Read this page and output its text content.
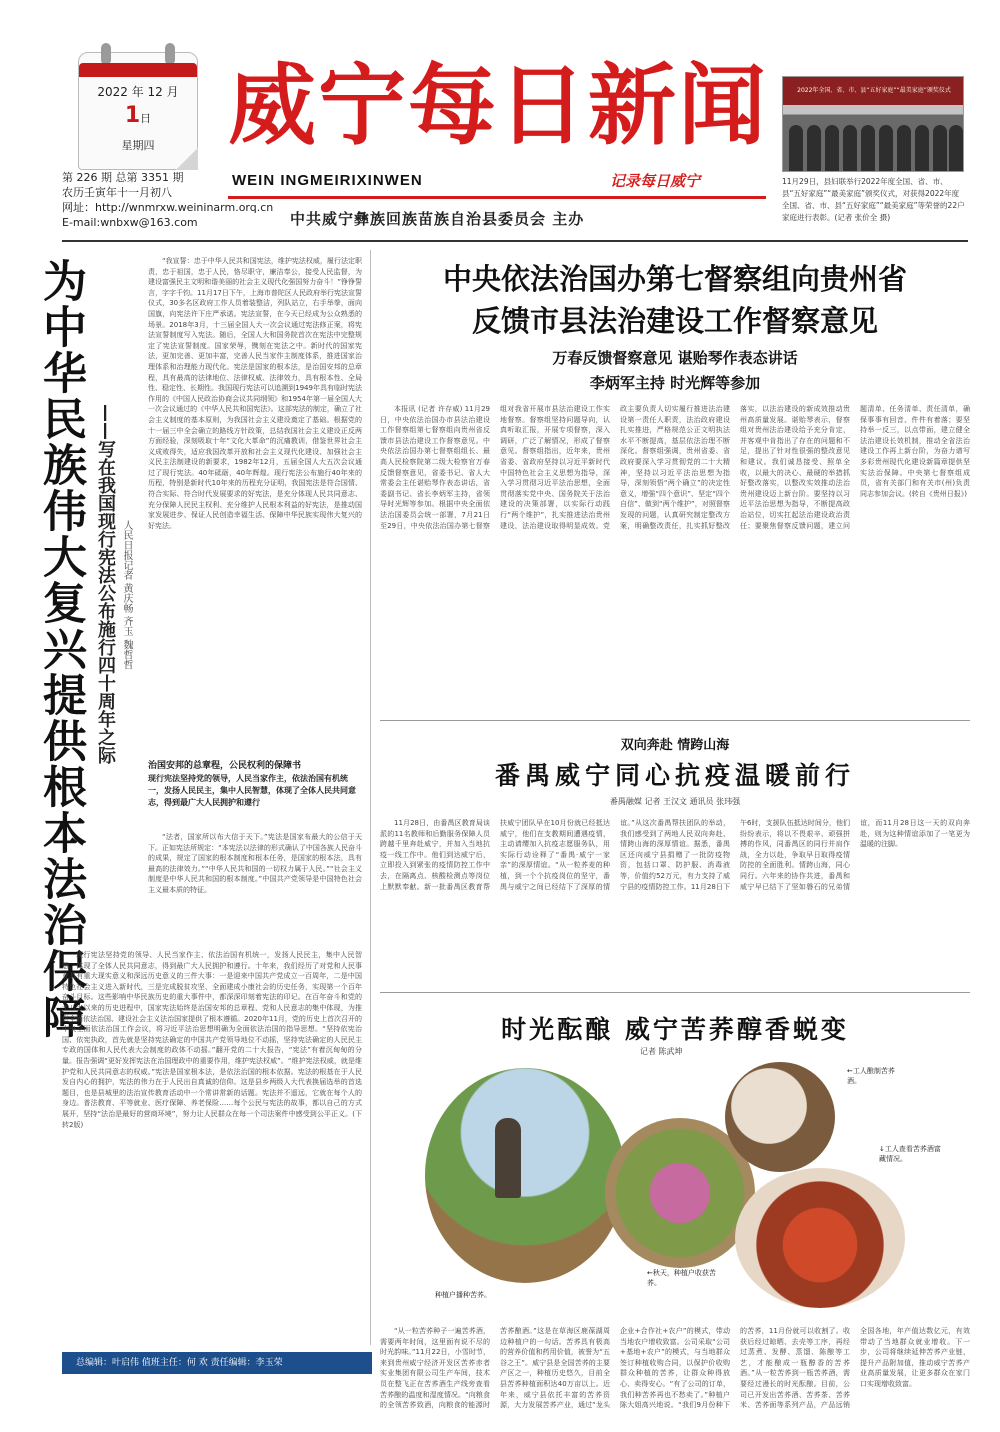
2022 年 12 月
1日
星期四
第 226 期 总第 3351 期
农历壬寅年十一月初八
网址：http://wnmrxw.weininarm.orq.cn
E-mail:wnbxw@163.com
威宁每日新闻
WEIN INGMEIRIXINWEN	记录每日威宁
中共威宁彝族回族苗族自治县委员会 主办
2022年全国、省、市、县“五好家庭”“最美家庭”颁奖仪式
11月29日，县妇联举行2022年度全国、省、市、县“五好家庭”“最美家庭”颁奖仪式，对获得2022年度全国、省、市、县“五好家庭”“最美家庭”等荣誉的22户家庭进行表彰。(记者 张价全 摄)
为中华民族伟大复兴提供根本法治保障 ——写在我国现行宪法公布施行四十周年之际 人民日报记者 黄庆畅 齐玉 魏哲哲

“我宣誓：忠于中华人民共和国宪法，维护宪法权威，履行法定职责，忠于祖国，忠于人民，恪尽职守，廉洁奉公，接受人民监督，为建设富强民主文明和谐美丽的社会主义现代化强国努力奋斗！”铮铮誓言，字字千钧。11月17日下午，上海市普陀区人民政府举行宪法宣誓仪式，30多名区政府工作人员着装整洁，列队站立，右手举拳，面向国旗，向宪法许下庄严承诺。宪法宣誓，在今天已经成为公众熟悉的场景。2018年3月，十三届全国人大一次会议通过宪法修正案，将宪法宣誓制度写入宪法。随后，全国人大和国务院首次在宪法中完整规定了宪法宣誓制度。国家荣辱，镌刻在宪法之中。新时代的国家宪法，更加完善、更加丰富，完善人民当家作主制度体系，推进国家治理体系和治理能力现代化。宪法是国家的根本法，是治国安邦的总章程，具有最高的法律地位、法律权威、法律效力，具有根本性、全局性、稳定性、长期性。我国现行宪法可以追溯到1949年具有临时宪法作用的《中国人民政治协商会议共同纲领》和1954年第一届全国人大一次会议通过的《中华人民共和国宪法》。这部宪法的制定，确立了社会主义制度的基本原则，为我国社会主义建设奠定了基础。根据党的十一届三中全会确立的路线方针政策，总结我国社会主义建设正反两方面经验，深刻吸取十年“文化大革命”的沉痛教训，借鉴世界社会主义成败得失，适应我国改革开放和社会主义现代化建设、加强社会主义民主法制建设的新要求，1982年12月，五届全国人大五次会议通过了现行宪法。40年砥砺，40年辉煌。现行宪法公布施行40年来的历程，特别是新时代10年来的历程充分证明，我国宪法是符合国情、符合实际、符合时代发展要求的好宪法，是充分体现人民共同意志、充分保障人民民主权利、充分维护人民根本利益的好宪法，是推动国家发展进步、保证人民创造幸福生活、保障中华民族实现伟大复兴的好宪法。

治国安邦的总章程，公民权利的保障书
现行宪法坚持党的领导，人民当家作主，依法治国有机统一，发扬人民民主，集中人民智慧，体现了全体人民共同意志，得到最广大人民拥护和遵行

“法者，国家所以布大信于天下。”宪法是国家布最大的公信于天下。正如宪法所规定：“本宪法以法律的形式确认了中国各族人民奋斗的成果，规定了国家的根本制度和根本任务，是国家的根本法，具有最高的法律效力。”“中华人民共和国的一切权力属于人民。”“社会主义制度是中华人民共和国的根本制度。”中国共产党领导是中国特色社会主义最本质的特征。

现行宪法坚持党的领导、人民当家作主、依法治国有机统一，发扬人民民主，集中人民智慧，体现了全体人民共同意志，得到最广大人民拥护和遵行。十年来，我们经历了对党和人民事业具有重大现实意义和深远历史意义的三件大事：一是迎来中国共产党成立一百周年，二是中国特色社会主义进入新时代，三是完成脱贫攻坚、全面建成小康社会的历史任务，实现第一个百年奋斗目标。这些影响中华民族历史的重大事件中，都深深印刻着宪法的印记。在百年奋斗和党的十八大以来的历史进程中，国家宪法始终是治国安邦的总章程、党和人民意志的集中体现，为推进全面依法治国、建设社会主义法治国家提供了根本遵循。2020年11月，党的历史上首次召开的中央全面依法治国工作会议，将习近平法治思想明确为全面依法治国的指导思想。“坚持依宪治国、依宪执政，首先就是坚持宪法确定的中国共产党领导地位不动摇，坚持宪法确定的人民民主专政的国体和人民代表大会制度的政体不动摇。”翻开党的二十大报告，“宪法”有着沉甸甸的分量。报告强调“更好发挥宪法在治国理政中的重要作用，维护宪法权威”。“维护宪法权威，就是维护党和人民共同意志的权威。”宪法是国家根本法，是依法治国的根本依据。宪法的根基在于人民发自内心的拥护，宪法的伟力在于人民出自真诚的信仰。这是县乡两级人大代表换届选举的首选题目，也是县城里的法治宣传教育活动中一个常讲常新的话题。宪法并不遥远，它就在每个人的身边。普法教育、平等就业、医疗保障、养老保险……每个公民与宪法的故事，都以自己的方式展开，坚持“法治是最好的营商环境”，努力让人民群众在每一个司法案件中感受到公平正义。(下转2版)

总编辑：叶启伟 值班主任：何 欢 责任编辑：李玉荣
中央依法治国办第七督察组向贵州省
反馈市县法治建设工作督察意见
万春反馈督察意见 谌贻琴作表态讲话
李炳军主持 时光辉等参加

本报讯 (记者 许存威) 11月29日，中央依法治国办市县法治建设工作督察组第七督察组向贵州省反馈市县法治建设工作督察意见。中央依法治国办第七督察组组长、最高人民检察院第二级大检察官万春反馈督察意见，省委书记、省人大常委会主任谌贻琴作表态讲话，省委副书记、省长李炳军主持，省领导时光辉等参加。根据中央全面依法治国委员会统一部署，7月21日至29日，中央依法治国办第七督察组对我省开展市县法治建设工作实地督察。督察组坚持问题导向，认真听取汇报，开展专项督察，深入调研，广泛了解情况，形成了督察意见。督察组指出，近年来，贵州省委、省政府坚持以习近平新时代中国特色社会主义思想为指导，深入学习贯彻习近平法治思想，全面贯彻落实党中央、国务院关于法治建设的决策部署，以实际行动践行“两个维护”，扎实推进法治贵州建设，法治建设取得明显成效。党政主要负责人切实履行推进法治建设第一责任人职责，法治政府建设扎实推进，严格规范公正文明执法水平不断提高，基层依法治理不断深化。督察组强调，贵州省委、省政府要深入学习贯彻党的二十大精神，坚持以习近平法治思想为指导，深刻领悟“两个确立”的决定性意义，增强“四个意识”、坚定“四个自信”、做到“两个维护”，对照督察发现的问题，认真研究制定整改方案，明确整改责任，扎实抓好整改落实，以法治建设的新成效推动贵州高质量发展。谌贻琴表示，督察组对贵州法治建设给予充分肯定，并客观中肯指出了存在的问题和不足，提出了针对性很强的整改意见和建议。我们诚恳接受、照单全收，以最大的决心、最硬的举措抓好整改落实，以整改实效推动法治贵州建设迈上新台阶。要坚持以习近平法治思想为指导，不断提高政治站位，切实扛起法治建设政治责任；要聚焦督察反馈问题，建立问题清单、任务清单、责任清单，确保事事有回音、件件有着落；要坚持举一反三，以点带面，建立健全法治建设长效机制，推动全省法治建设工作再上新台阶，为奋力谱写多彩贵州现代化建设新篇章提供坚实法治保障。中央第七督察组成员，省有关部门和有关市(州)负责同志参加会议。(转自《贵州日报》)

双向奔赴 情跨山海
番禺威宁同心抗疫温暖前行
番禺融媒 记者 王汉文 通讯员 张玮强

11月28日，由番禺区教育局谈派的11名教师和后勤服务保障人员跨越千里奔赴威宁，并加入当地抗疫一线工作中。他们到达威宁后，立即投入到紧张的疫情防控工作中去，在隔离点、核酸检测点等岗位上默默奉献。新一批番禺区教育帮扶威宁团队早在10月份就已经抵达威宁，他们在支教期间遭遇疫情，主动请缨加入抗疫志愿服务队，用实际行动诠释了“番禺·威宁一家亲”的深厚情谊。“从一粒荞麦的种植，到一个个抗疫岗位的坚守，番禺与威宁之间已经结下了深厚的情谊。”从这次番禺帮扶团队的举动，我们感受到了两地人民双向奔赴、情跨山海的深厚情谊。据悉，番禺区还向威宁县捐赠了一批防疫物资，包括口罩、防护服、消毒液等，价值约52万元，有力支持了威宁县的疫情防控工作。11月28日下午6时，支援队伍抵达时间分，他们纷纷表示，将以不畏艰辛、顽强拼搏的作风，同番禺区的同行并肩作战，全力以赴，争取早日取得疫情防控的全面胜利。情跨山海，同心同行。六年来的协作共进，番禺和威宁早已结下了坚如磐石的兄弟情谊，而11月28日这一天的双向奔赴，则为这种情谊添加了一笔更为温暖的注脚。

时光酝酿 威宁苦荞醇香蜕变
记者 陈武坤
种植户播种苦荞。
←秋天，种植户收获苦荞。
←工人酿制苦荞酒。
↓工人查看苦荞酒富藏情况。

“从一粒苦荞种子一遍苦荞酒，需要两年时间，这里面有说不尽的时光韵味。”11月22日，小雪时节，来到贵州威宁经济开发区苦荞赤者实业集团有限公司生产车间，技术员在整飞正在苦荞酒生产线旁查看苦荞酿的温度和湿度情况。“向粮食的全领苦荞致酒，向粮食的能源时苦荞酿酒。”这是在草海区鹿葆湖周边种植户的一句话。苦荞具有极高的营养价值和药用价值，被誉为“五谷之王”。威宁县是全国苦荞的主要产区之一，种植历史悠久，目前全县苦荞种植面积达40万亩以上。近年来，威宁县依托丰富的苦荞资源，大力发展苦荞产业，通过“龙头企业+合作社+农户”的模式，带动当地农户增收致富。公司采取“公司+基地+农户”的模式，与当地群众签订种植收购合同，以保护价收购群众种植的苦荞，让群众种得放心、卖得安心。“有了公司的订单，我们种苦荞再也不愁卖了。”种植户陈大姐高兴地说。“我们9月份种下的苦荞，11月份就可以收割了。收获后经过晾晒、去壳等工序，再经过蒸煮、发酵、蒸馏、陈酿等工艺，才能酿成一瓶醇香的苦荞酒。”从一粒苦荞到一瓶苦荞酒，需要经过漫长的时光酝酿。目前，公司已开发出苦荞酒、苦荞茶、苦荞米、苦荞面等系列产品，产品远销全国各地，年产值达数亿元，有效带动了当地群众就业增收。下一步，公司将继续延伸苦荞产业链，提升产品附加值，推动威宁苦荞产业高质量发展，让更多群众在家门口实现增收致富。
